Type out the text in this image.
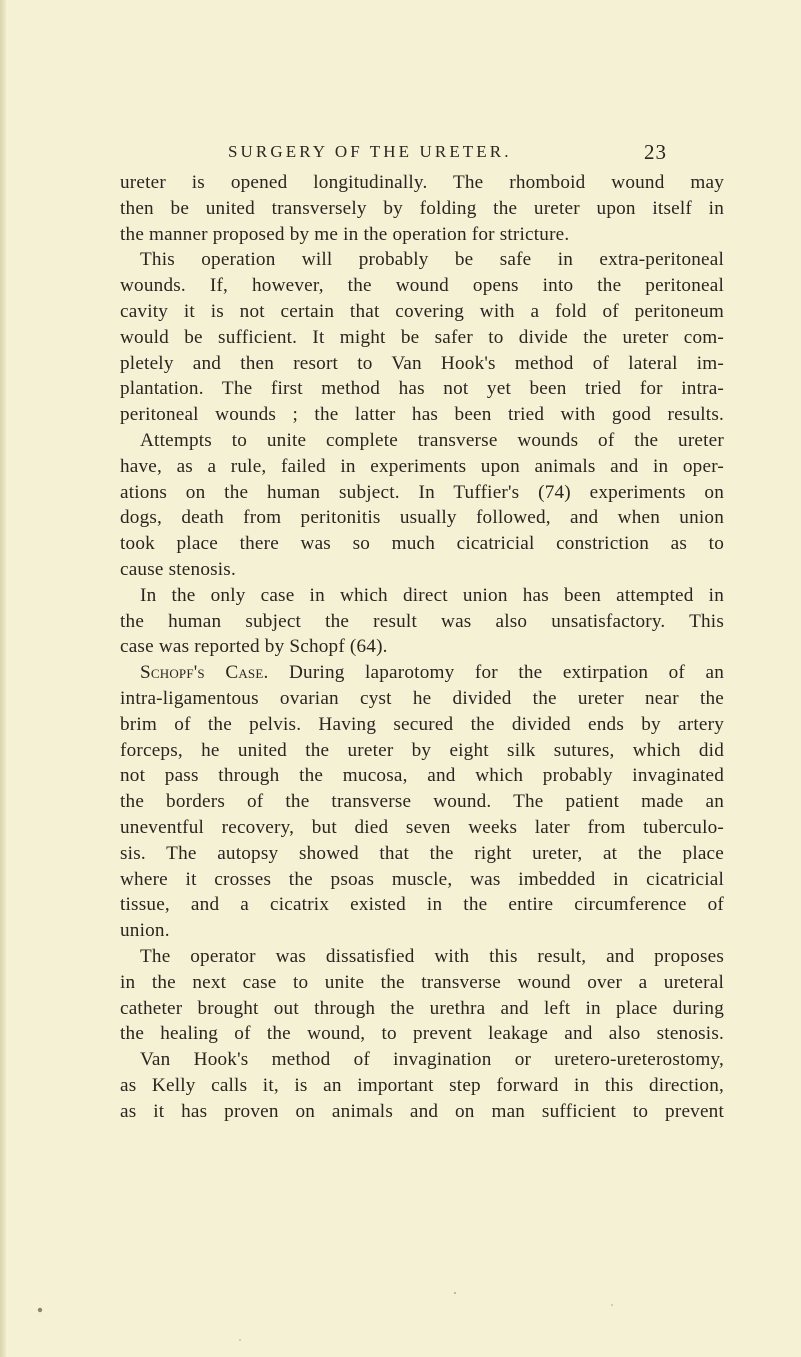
SURGERY OF THE URETER.	23
ureter is opened longitudinally. The rhomboid wound may
then be united transversely by folding the ureter upon itself in
the manner proposed by me in the operation for stricture.
This operation will probably be safe in extra-peritoneal
wounds. If, however, the wound opens into the peritoneal
cavity it is not certain that covering with a fold of peritoneum
would be sufficient. It might be safer to divide the ureter com-
pletely and then resort to Van Hook's method of lateral im-
plantation. The first method has not yet been tried for intra-
peritoneal wounds ; the latter has been tried with good results.
Attempts to unite complete transverse wounds of the ureter
have, as a rule, failed in experiments upon animals and in oper-
ations on the human subject. In Tuffier's (74) experiments on
dogs, death from peritonitis usually followed, and when union
took place there was so much cicatricial constriction as to
cause stenosis.
In the only case in which direct union has been attempted in
the human subject the result was also unsatisfactory. This
case was reported by Schopf (64).
Schopf's Case. During laparotomy for the extirpation of an
intra-ligamentous ovarian cyst he divided the ureter near the
brim of the pelvis. Having secured the divided ends by artery
forceps, he united the ureter by eight silk sutures, which did
not pass through the mucosa, and which probably invaginated
the borders of the transverse wound. The patient made an
uneventful recovery, but died seven weeks later from tuberculo-
sis. The autopsy showed that the right ureter, at the place
where it crosses the psoas muscle, was imbedded in cicatricial
tissue, and a cicatrix existed in the entire circumference of
union.
The operator was dissatisfied with this result, and proposes
in the next case to unite the transverse wound over a ureteral
catheter brought out through the urethra and left in place during
the healing of the wound, to prevent leakage and also stenosis.
Van Hook's method of invagination or uretero-ureterostomy,
as Kelly calls it, is an important step forward in this direction,
as it has proven on animals and on man sufficient to prevent
